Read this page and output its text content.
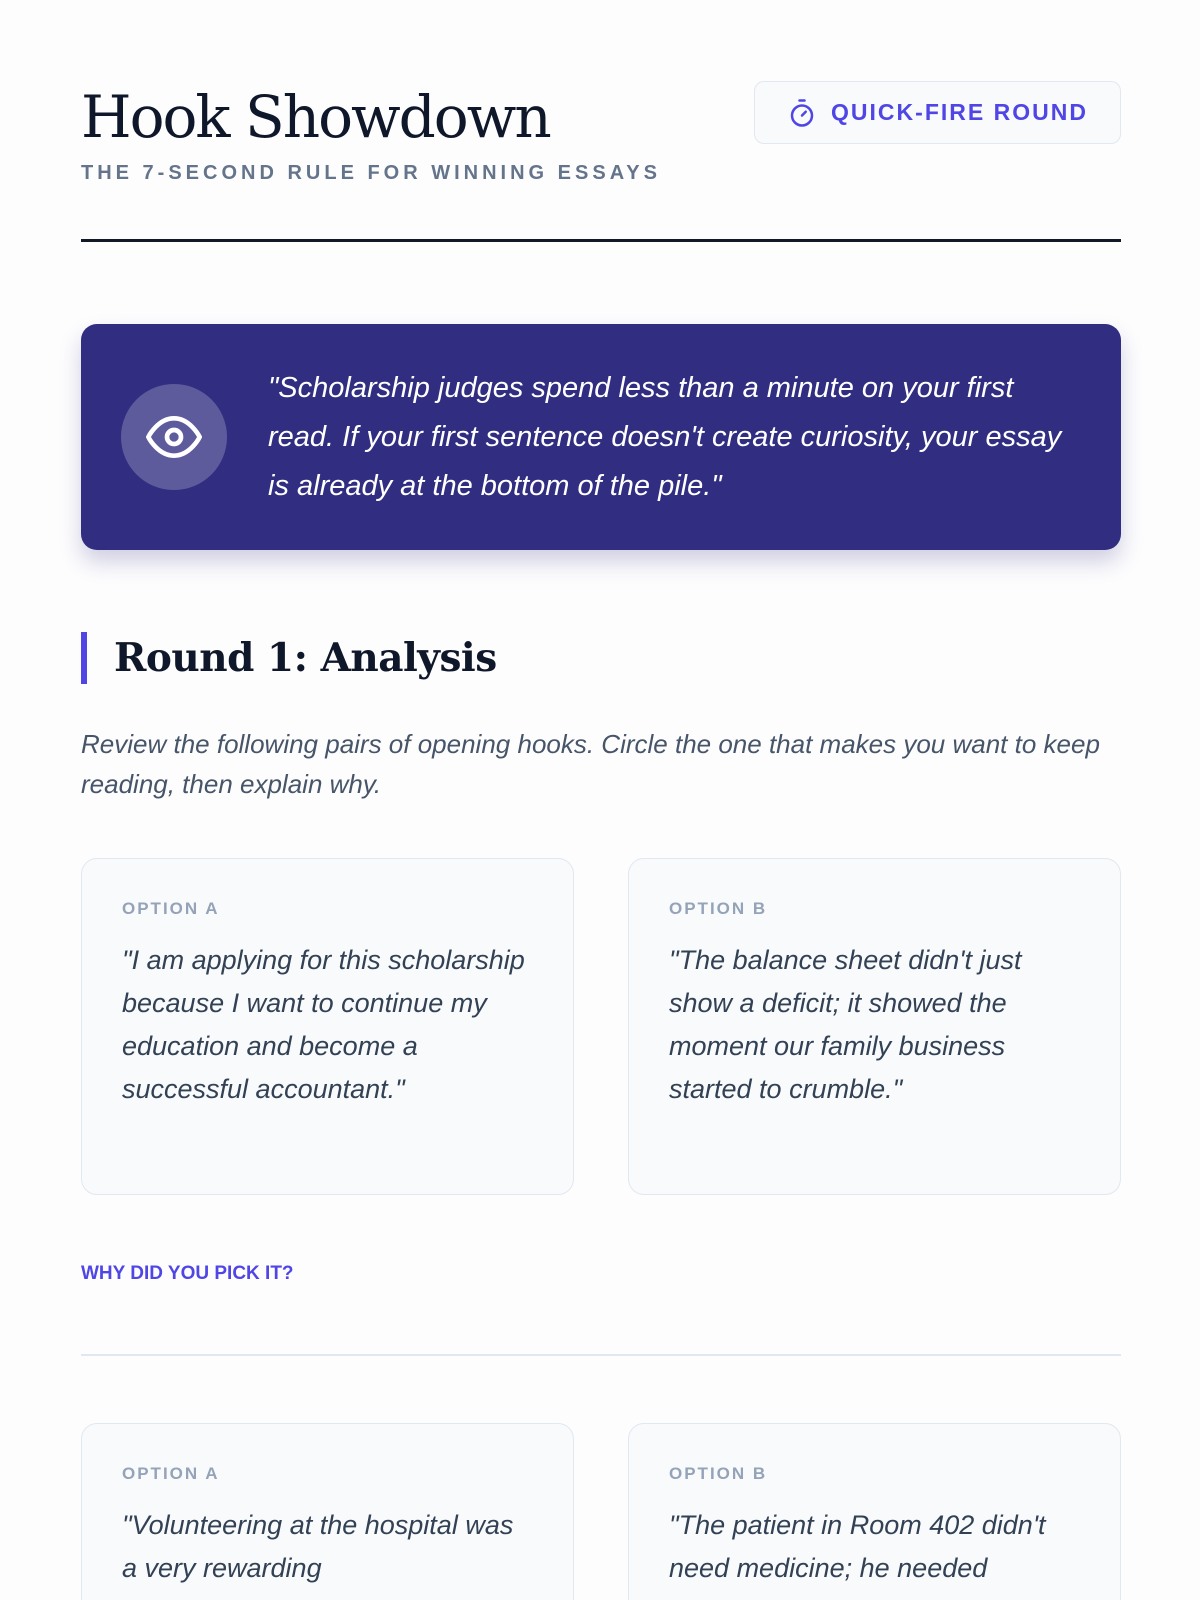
Hook Showdown
THE 7-SECOND RULE FOR WINNING ESSAYS
QUICK-FIRE ROUND

"Scholarship judges spend less than a minute on your first read. If your first sentence doesn't create curiosity, your essay is already at the bottom of the pile."

Round 1: Analysis

Review the following pairs of opening hooks. Circle the one that makes you want to keep reading, then explain why.

OPTION A

"I am applying for this scholarship because I want to continue my education and become a successful accountant."

OPTION B

"The balance sheet didn't just show a deficit; it showed the moment our family business started to crumble."

WHY DID YOU PICK IT?
OPTION A

"Volunteering at the hospital was a very rewarding

OPTION B

"The patient in Room 402 didn't need medicine; he needed
